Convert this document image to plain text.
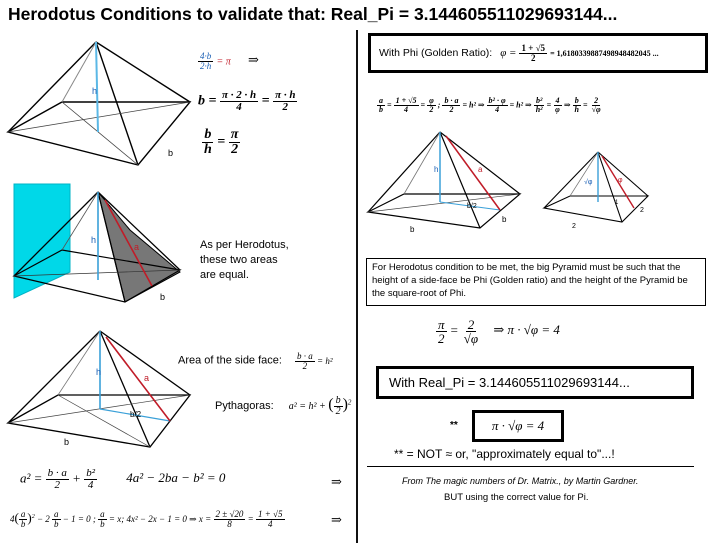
Herodotus Conditions to validate that: Real_Pi = 3.144605511029693144...
h
b
$\frac{4\cdot b}{2\cdot h} = \pi$ ⇒
$b = \frac{\pi \cdot 2 \cdot h}{4} = \frac{\pi \cdot h}{2}$
$\frac{b}{h} = \frac{\pi}{2}$
h
a
b
As per Herodotus,
these two areas
are equal.
h
a
b/2
b
Area of the side face: $\frac{b \cdot a}{2} = h^2$
Pythagoras: a² = h² + ( $\frac{b}{2} )^2$
$a^2 = \frac{b \cdot a}{2} + \frac{\text{b²}}{4} 4a^2 - 2ba - b^2 = 0$	⇒
$4( \frac{a}{b} )^2 - 2 \frac{a}{b} - 1 = 0$ ; $\frac{a}{b} = x$; 4x² − 2x − 1 = 0 ⇒ $x = \frac{2 \pm √20}{8} = \frac{1 + √5}{4}$	⇒
With Phi (Golden Ratio): $\varphi = \frac{1 + √5}{2} = 1,6180339887498948482045$ ...
$\frac{a}{b} = \frac{1 + √5}{4} = \frac{\varphi}{2}$ ; $\frac{b \cdot a}{2} = h^2$ ⇒ $\frac{\text{b² · φ}}{4} = h^2$ ⇒ $\frac{\text{b²}}{\text{h²}} = \frac{4}{\varphi}$ ⇒ $\frac{b}{h} = \frac{2}{√\varphi}$
h	a
b/2
b
b
√φ	φ
1
2
2
For Herodotus condition to be met, the big Pyramid must be such that the height of a side-face be Phi (Golden ratio) and the height of the Pyramid be the square-root of Phi.
$\frac{\pi}{2} = \frac{2}{√\varphi}$ ⇒ π · √φ = 4
With Real_Pi = 3.144605511029693144...
**	π · √φ = 4
** = NOT ≈ or, "approximately equal to"...!
From The magic numbers of Dr. Matrix., by Martin Gardner.
BUT using the correct value for Pi.
